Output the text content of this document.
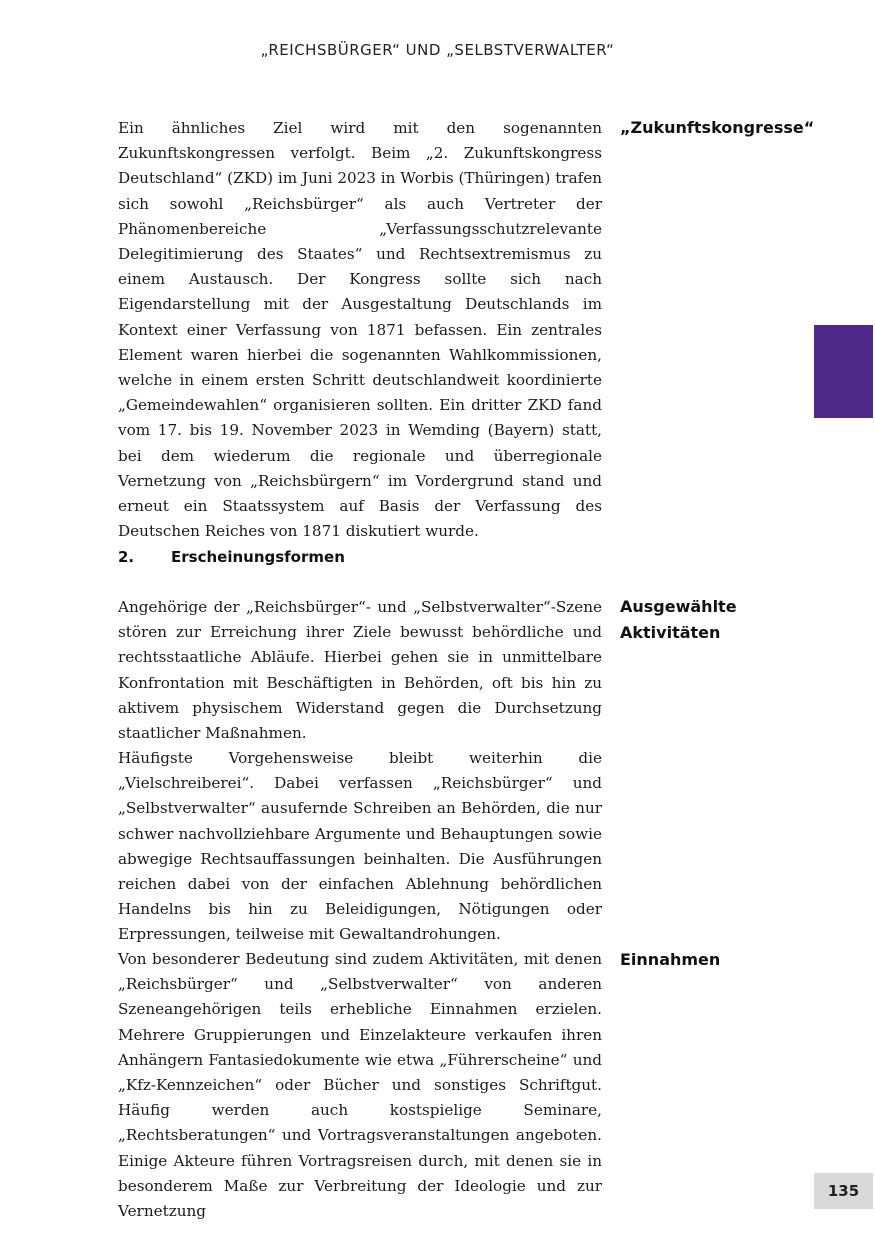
„REICHSBÜRGER“ UND „SELBSTVERWALTER“

Ein ähnliches Ziel wird mit den sogenannten Zukunftskongressen verfolgt. Beim „2. Zukunftskongress Deutschland“ (ZKD) im Juni 2023 in Worbis (Thüringen) trafen sich sowohl „Reichsbürger“ als auch Vertreter der Phänomenbereiche „Verfassungsschutzrelevante Delegitimierung des Staates“ und Rechtsextremismus zu einem Austausch. Der Kongress sollte sich nach Eigendarstellung mit der Ausgestaltung Deutschlands im Kontext einer Verfassung von 1871 befassen. Ein zentrales Element waren hierbei die sogenannten Wahlkommissionen, welche in einem ersten Schritt deutschlandweit koordinierte „Gemeindewahlen“ organisieren sollten. Ein dritter ZKD fand vom 17. bis 19. November 2023 in Wemding (Bayern) statt, bei dem wiederum die regionale und überregionale Vernetzung von „Reichsbürgern“ im Vordergrund stand und erneut ein Staatssystem auf Basis der Verfassung des Deutschen Reiches von 1871 diskutiert wurde.

„Zukunftskongresse“
2. Erscheinungsformen

Angehörige der „Reichsbürger“- und „Selbstverwalter“-Szene stören zur Erreichung ihrer Ziele bewusst behördliche und rechtsstaatliche Abläufe. Hierbei gehen sie in unmittelbare Konfrontation mit Beschäftigten in Behörden, oft bis hin zu aktivem physischem Widerstand gegen die Durchsetzung staatlicher Maßnahmen.

Ausgewählte
Aktivitäten

Häufigste Vorgehensweise bleibt weiterhin die „Vielschreiberei“. Dabei verfassen „Reichsbürger“ und „Selbstverwalter“ ausufernde Schreiben an Behörden, die nur schwer nachvollziehbare Argumente und Behauptungen sowie abwegige Rechtsauffassungen beinhalten. Die Ausführungen reichen dabei von der einfachen Ablehnung behördlichen Handelns bis hin zu Beleidigungen, Nötigungen oder Erpressungen, teilweise mit Gewaltandrohungen.

Von besonderer Bedeutung sind zudem Aktivitäten, mit denen „Reichsbürger“ und „Selbstverwalter“ von anderen Szeneangehörigen teils erhebliche Einnahmen erzielen. Mehrere Gruppierungen und Einzelakteure verkaufen ihren Anhängern Fantasiedokumente wie etwa „Führerscheine“ und „Kfz-Kennzeichen“ oder Bücher und sonstiges Schriftgut. Häufig werden auch kostspielige Seminare, „Rechtsberatungen“ und Vortragsveranstaltungen angeboten. Einige Akteure führen Vortragsreisen durch, mit denen sie in besonderem Maße zur Verbreitung der Ideologie und zur Vernetzung

Einnahmen
135
